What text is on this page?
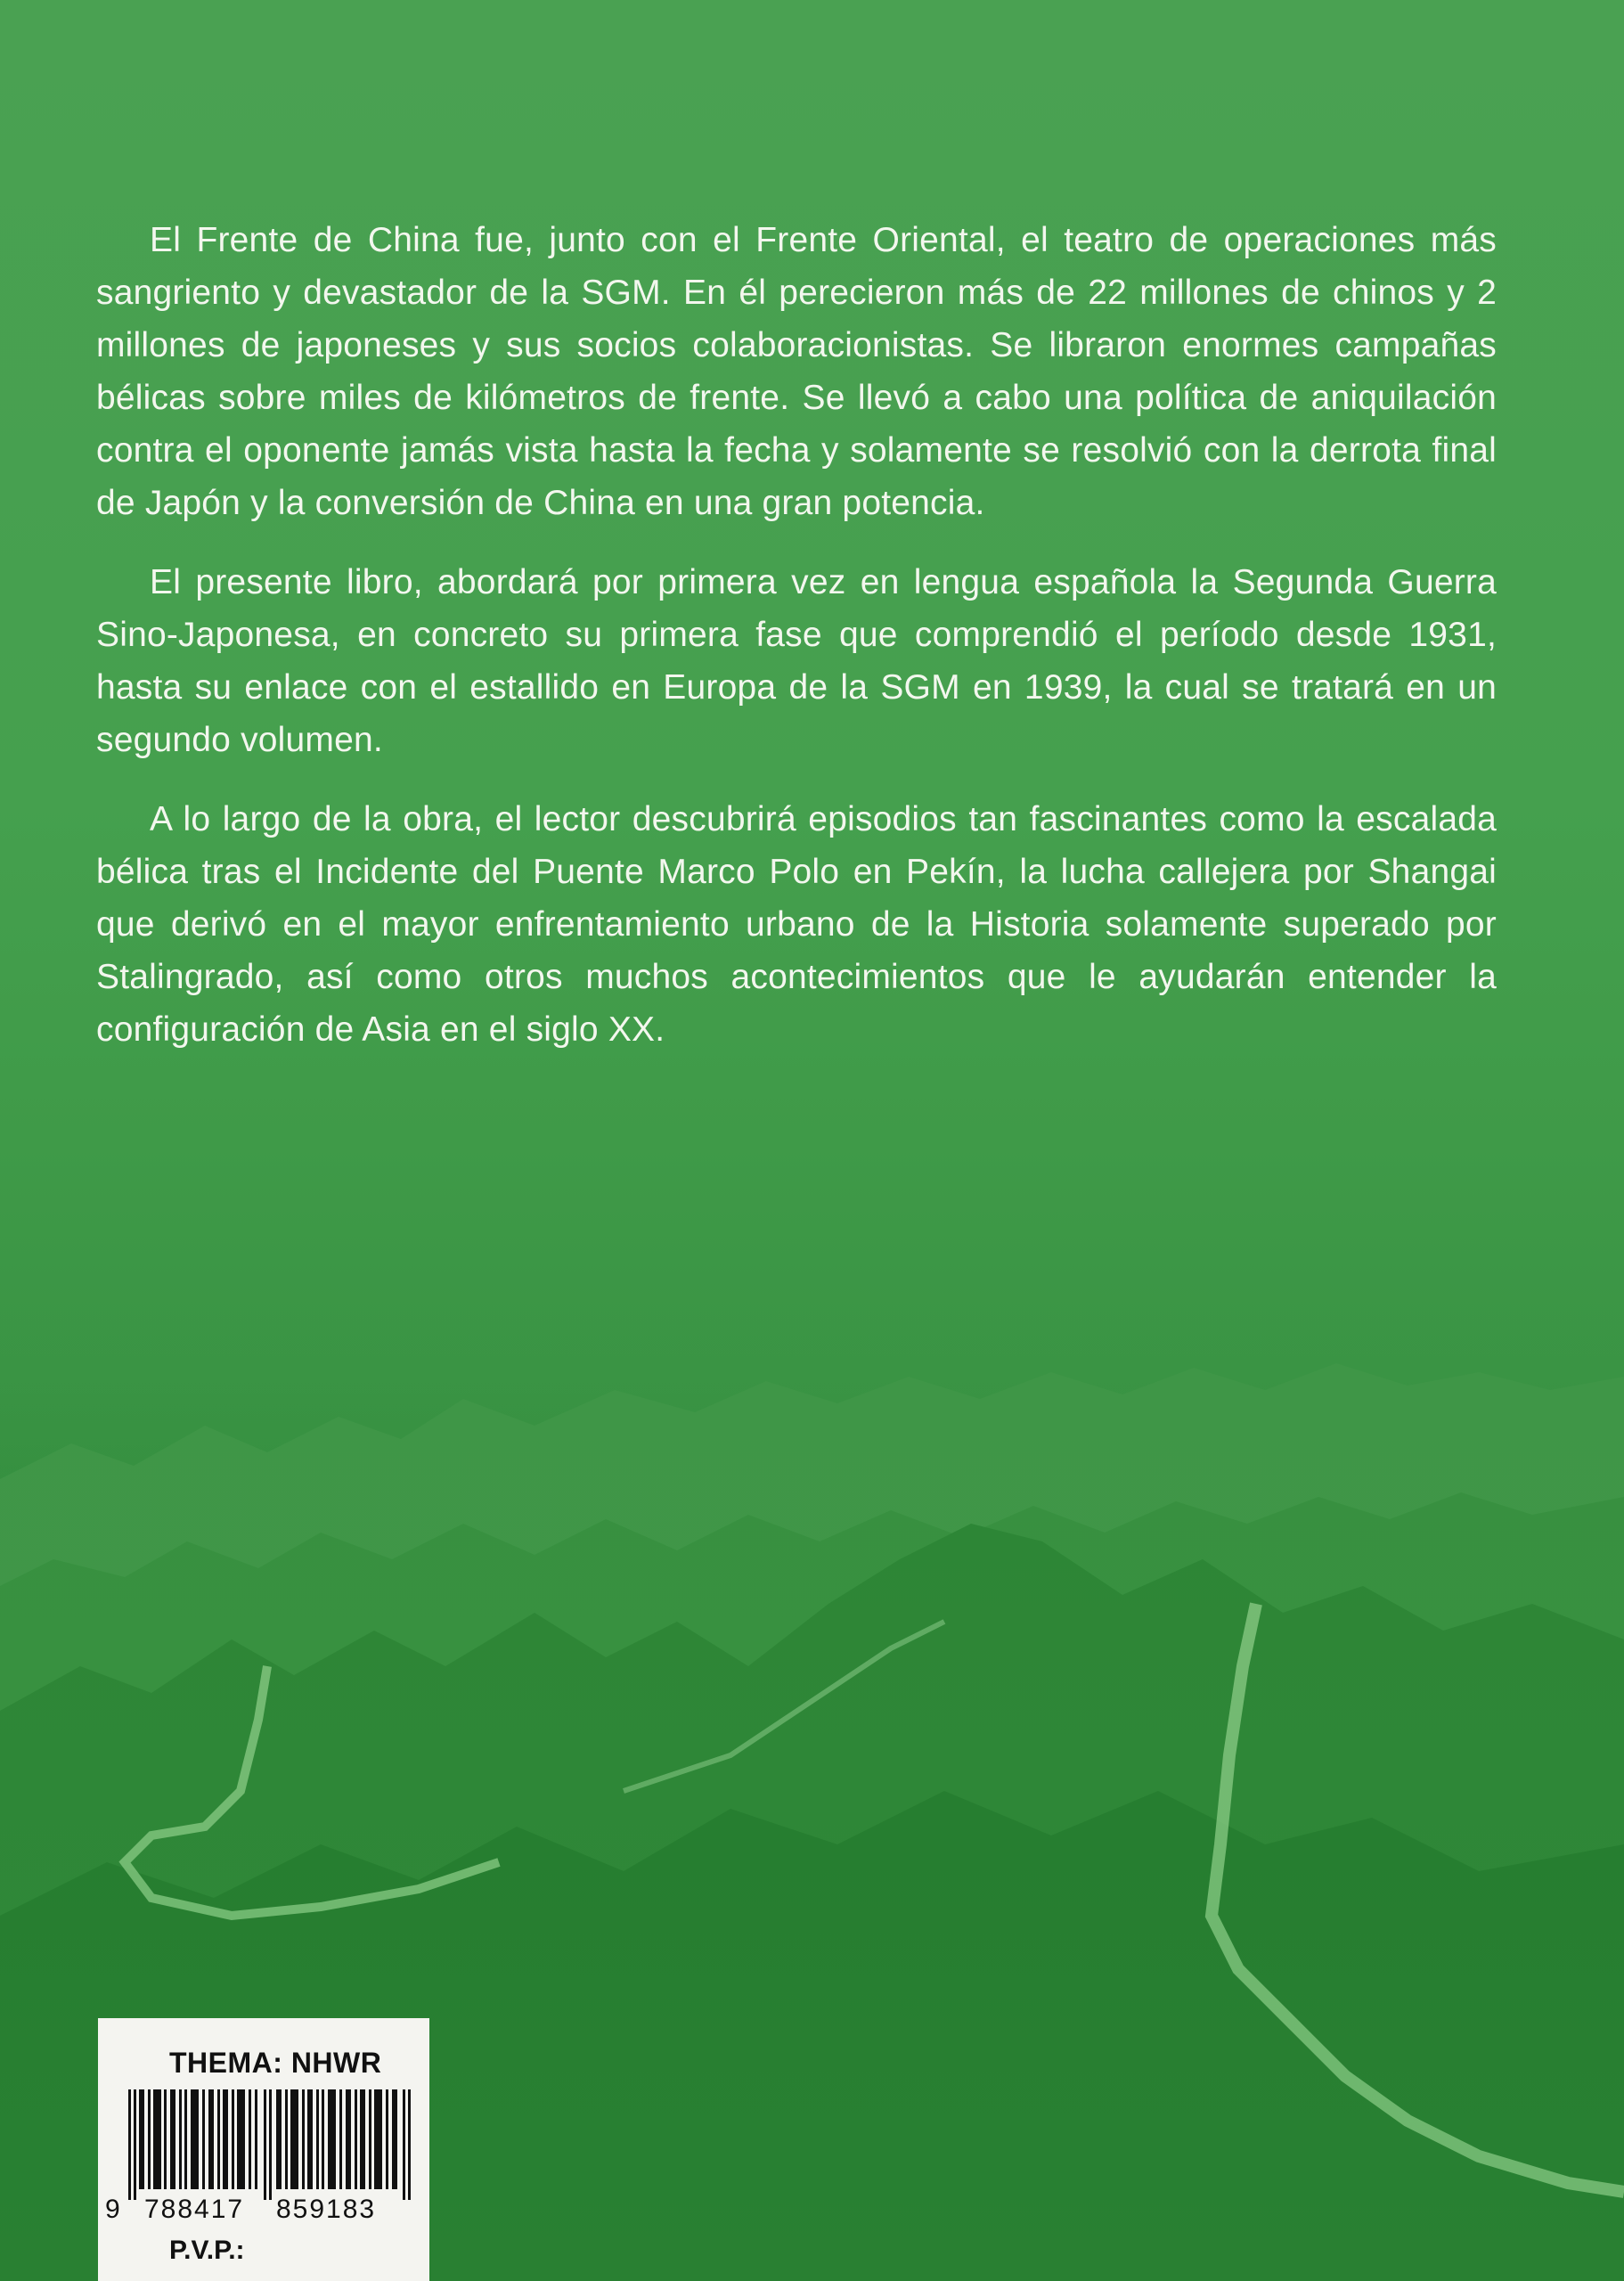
El Frente de China fue, junto con el Frente Oriental, el teatro de operaciones más sangriento y devastador de la SGM. En él perecieron más de 22 millones de chinos y 2 millones de japoneses y sus socios colaboracionistas. Se libraron enormes campañas bélicas sobre miles de kilómetros de frente. Se llevó a cabo una política de aniquilación contra el oponente jamás vista hasta la fecha y solamente se resolvió con la derrota final de Japón y la conversión de China en una gran potencia.

El presente libro, abordará por primera vez en lengua española la Segunda Guerra Sino-Japonesa, en concreto su primera fase que comprendió el período desde 1931, hasta su enlace con el estallido en Europa de la SGM en 1939, la cual se tratará en un segundo volumen.

A lo largo de la obra, el lector descubrirá episodios tan fascinantes como la escalada bélica tras el Incidente del Puente Marco Polo en Pekín, la lucha callejera por Shangai que derivó en el mayor enfrentamiento urbano de la Historia solamente superado por Stalingrado, así como otros muchos acontecimientos que le ayudarán entender la configuración de Asia en el siglo XX.

THEMA: NHWR
9 788417 859183
P.V.P.:
